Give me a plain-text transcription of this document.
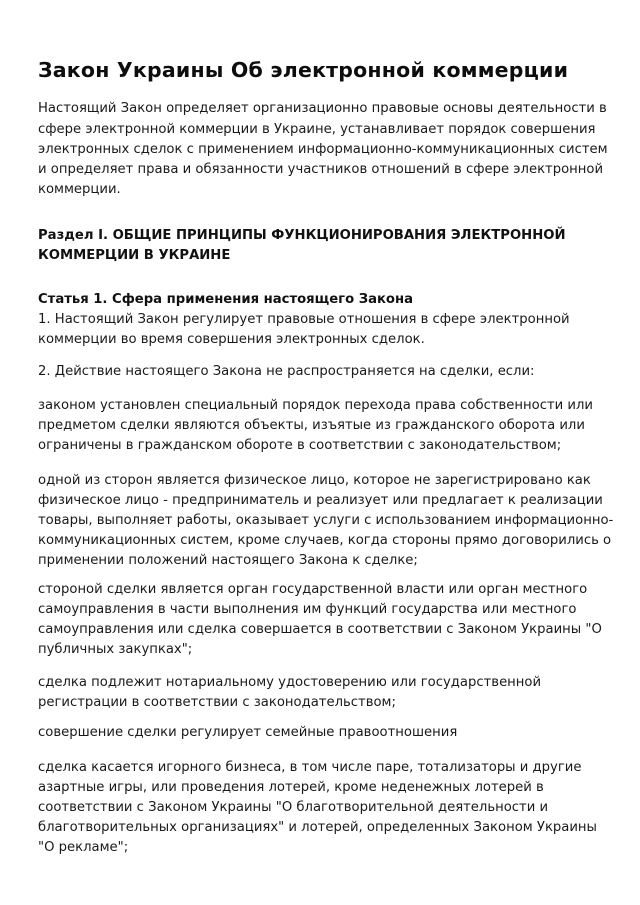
Закон Украины Об электронной коммерции
Настоящий Закон определяет организационно правовые основы деятельности в
сфере электронной коммерции в Украине, устанавливает порядок совершения
электронных сделок с применением информационно-коммуникационных систем
и определяет права и обязанности участников отношений в сфере электронной
коммерции.
Раздел I. ОБЩИЕ ПРИНЦИПЫ ФУНКЦИОНИРОВАНИЯ ЭЛЕКТРОННОЙ
КОММЕРЦИИ В УКРАИНЕ
Статья 1. Сфера применения настоящего Закона
1. Настоящий Закон регулирует правовые отношения в сфере электронной
коммерции во время совершения электронных сделок.
2. Действие настоящего Закона не распространяется на сделки, если:
законом установлен специальный порядок перехода права собственности или
предметом сделки являются объекты, изъятые из гражданского оборота или
ограничены в гражданском обороте в соответствии с законодательством;
одной из сторон является физическое лицо, которое не зарегистрировано как
физическое лицо - предприниматель и реализует или предлагает к реализации
товары, выполняет работы, оказывает услуги с использованием информационно-
коммуникационных систем, кроме случаев, когда стороны прямо договорились о
применении положений настоящего Закона к сделке;
стороной сделки является орган государственной власти или орган местного
самоуправления в части выполнения им функций государства или местного
самоуправления или сделка совершается в соответствии с Законом Украины "О
публичных закупках";
сделка подлежит нотариальному удостоверению или государственной
регистрации в соответствии с законодательством;
совершение сделки регулирует семейные правоотношения
сделка касается игорного бизнеса, в том числе паре, тотализаторы и другие
азартные игры, или проведения лотерей, кроме неденежных лотерей в
соответствии с Законом Украины "О благотворительной деятельности и
благотворительных организациях" и лотерей, определенных Законом Украины
"О рекламе";
